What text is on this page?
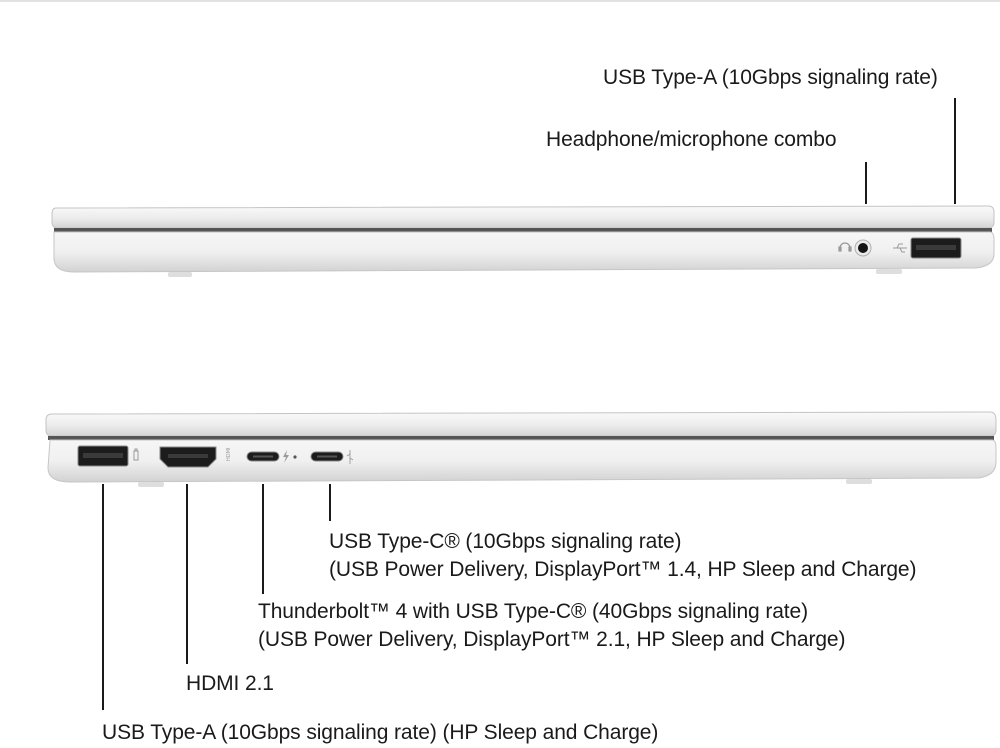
USB Type-A (10Gbps signaling rate)
Headphone/microphone combo
HDMI
USB Type-C® (10Gbps signaling rate)
(USB Power Delivery, DisplayPort™ 1.4, HP Sleep and Charge)
Thunderbolt™ 4 with USB Type-C® (40Gbps signaling rate)
(USB Power Delivery, DisplayPort™ 2.1, HP Sleep and Charge)
HDMI 2.1
USB Type-A (10Gbps signaling rate) (HP Sleep and Charge)
